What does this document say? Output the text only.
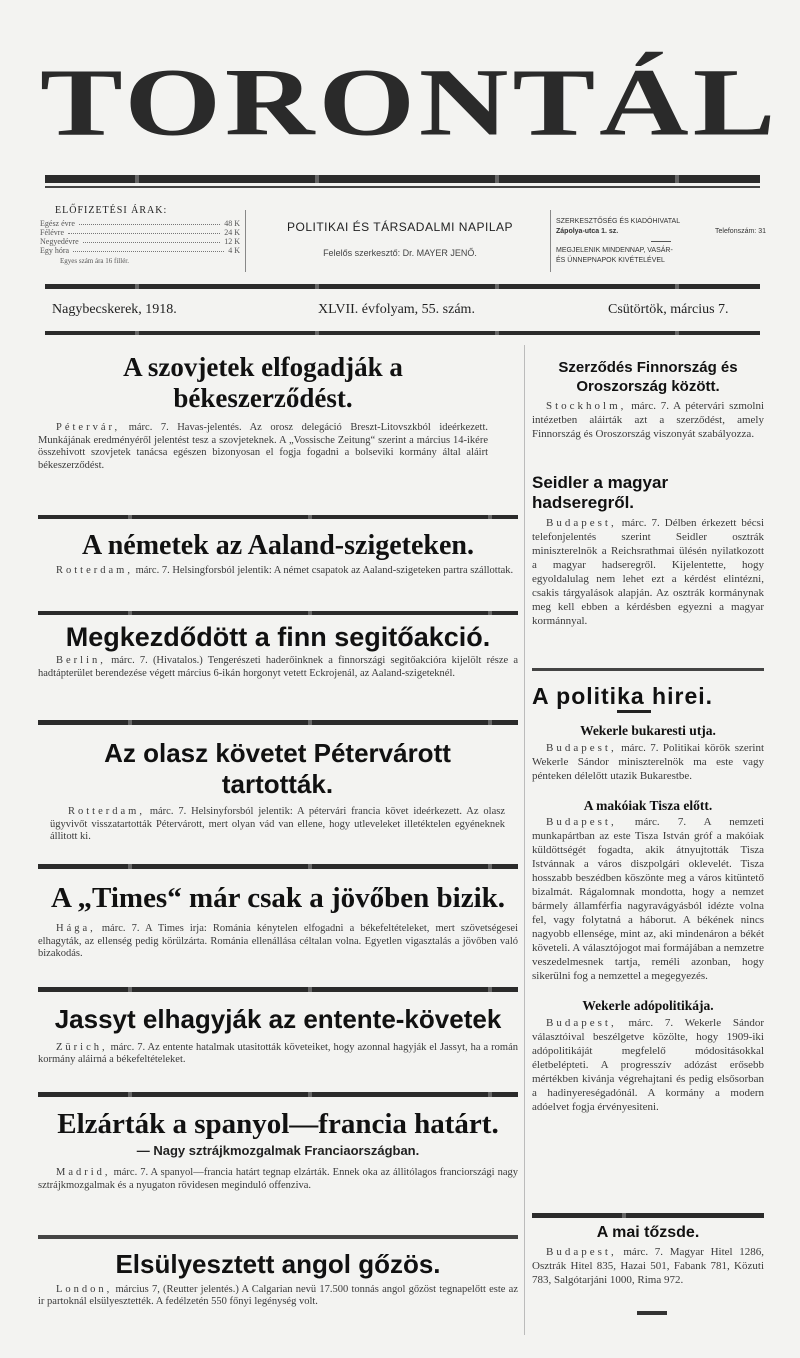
TORONTÁL
ELŐFIZETÉSI ÁRAK:
Egész évre	48 K
Félévre	24 K
Negyedévre	12 K
Egy hóra	4 K
Egyes szám ára 16 fillér.
POLITIKAI ÉS TÁRSADALMI NAPILAP
Felelős szerkesztő: Dr. MAYER JENŐ.
SZERKESZTŐSÉG ÉS KIADÓHIVATAL
Zápolya-utca 1. sz.	Telefonszám: 31
MEGJELENIK MINDENNAP, VASÁR-
ÉS ÜNNEPNAPOK KIVÉTELÉVEL
Nagybecskerek, 1918.	XLVII. évfolyam, 55. szám.	Csütörtök, március 7.
A szovjetek elfogadják a békeszerződést.
Pétervár, márc. 7. Havas-jelentés. Az orosz delegáció Breszt-Litovszkból ideérkezett. Munkájának eredményéről jelentést tesz a szovjeteknek. A „Vossische Zeitung“ szerint a március 14-ikére összehivott szovjetek tanácsa egészen bizonyosan el fogja fogadni a bolseviki kormány által aláirt békeszerződést.
A németek az Aaland-szigeteken.
Rotterdam, márc. 7. Helsingforsból jelentik: A német csapatok az Aaland-szigeteken partra szállottak.
Megkezdődött a finn segitőakció.
Berlin, márc. 7. (Hivatalos.) Tengerészeti haderőinknek a finnországi segitőakcióra kijelölt része a hadtápterület berendezése végett március 6-ikán horgonyt vetett Eckrojenál, az Aaland-szigeteknél.
Az olasz követet Pétervárott tartották.
Rotterdam, márc. 7. Helsinyforsból jelentik: A pétervári francia követ ideérkezett. Az olasz ügyvivőt visszatartották Pétervárott, mert olyan vád van ellene, hogy utleveleket illetéktelen egyéneknek állitott ki.
A „Times“ már csak a jövőben bizik.
Hága, márc. 7. A Times irja: Románia kénytelen elfogadni a békefeltételeket, mert szövetségesei elhagyták, az ellenség pedig körülzárta. Románia ellenállása céltalan volna. Egyetlen vigasztalás a jövőben való bizakodás.
Jassyt elhagyják az entente-követek
Zürich, márc. 7. Az entente hatalmak utasitották követeiket, hogy azonnal hagyják el Jassyt, ha a román kormány aláirná a békefeltételeket.
Elzárták a spanyol—francia határt.
— Nagy sztrájkmozgalmak Franciaországban.
Madrid, márc. 7. A spanyol—francia határt tegnap elzárták. Ennek oka az állitólagos franciországi nagy sztrájkmozgalmak és a nyugaton rövidesen meginduló offenziva.
Elsülyesztett angol gőzös.
London, március 7, (Reutter jelentés.) A Calgarian nevü 17.500 tonnás angol gőzöst tegnapelőtt este az ir partoknál elsülyesztették. A fedélzetén 550 főnyi legénység volt.
Szerződés Finnország és Oroszország között.
Stockholm, márc. 7. A pétervári szmolni intézetben aláirták azt a szerződést, amely Finnország és Oroszország viszonyát szabályozza.
Seidler a magyar hadseregről.
Budapest, márc. 7. Délben érkezett bécsi telefonjelentés szerint Seidler osztrák miniszterelnök a Reichsrathmai ülésén nyilatkozott a magyar hadseregről. Kijelentette, hogy egyoldalulag nem lehet ezt a kérdést elintézni, csakis tárgyalások alapján. Az osztrák kormánynak meg kell ebben a kérdésben egyezni a magyar kormánnyal.
A politika hirei.
Wekerle bukaresti utja.
Budapest, márc. 7. Politikai körök szerint Wekerle Sándor miniszterelnök ma este vagy pénteken délelőtt utazik Bukarestbe.
A makóiak Tisza előtt.
Budapest, márc. 7. A nemzeti munkapártban az este Tisza István gróf a makóiak küldöttségét fogadta, akik átnyujtották Tisza Istvánnak a város diszpolgári oklevelét. Tisza hosszabb beszédben köszönte meg a város kitüntető bizalmát. Rágalomnak mondotta, hogy a nemzet bármely államférfia nagyravágyásból idézte volna fel, vagy folytatná a háborut. A békének nincs nagyobb ellensége, mint az, aki mindenáron a békét követeli. A választójogot mai formájában a nemzetre veszedelmesnek tartja, reméli azonban, hogy sikerülni fog a nemzettel a megegyezés.
Wekerle adópolitikája.
Budapest, márc. 7. Wekerle Sándor választóival beszélgetve közölte, hogy 1909-iki adópolitikáját megfelelő módositásokkal életbelépteti. A progresszív adózást erősebb mértékben kivánja végrehajtani és pedig elsősorban a hadinyereségadónál. A kormány a modern adóelvet fogja érvényesiteni.
A mai tőzsde.
Budapest, márc. 7. Magyar Hitel 1286, Osztrák Hitel 835, Hazai 501, Fabank 781, Közuti 783, Salgótarjáni 1000, Rima 972.
